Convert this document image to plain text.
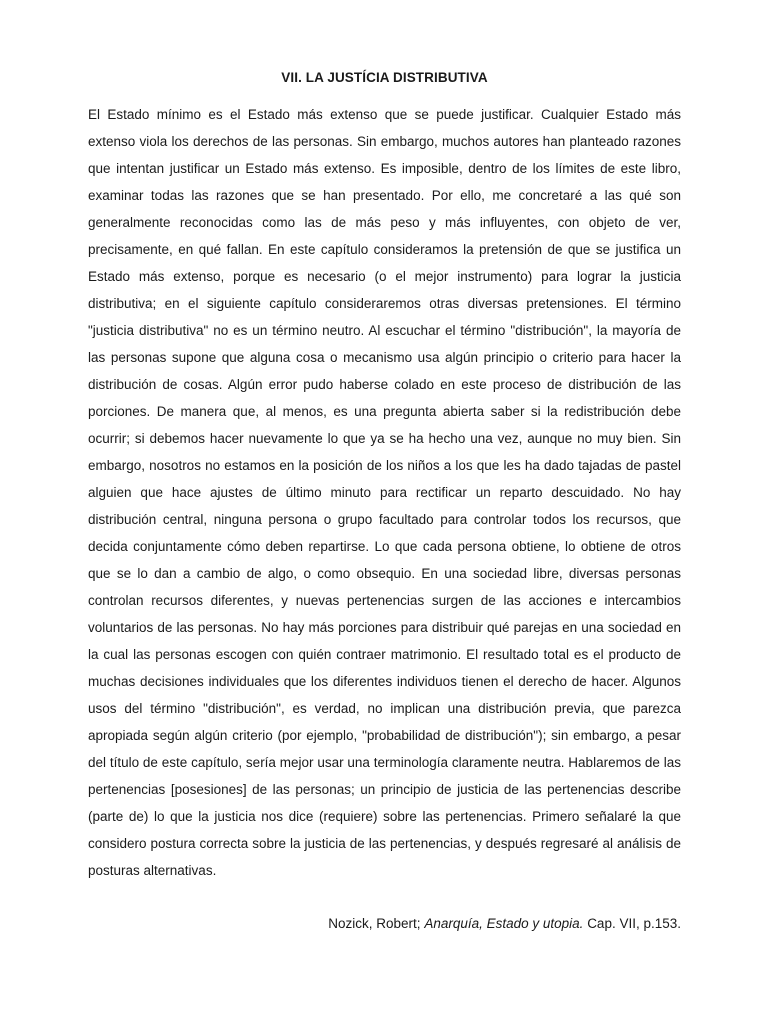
VII. LA JUSTÍCIA DISTRIBUTIVA

El Estado mínimo es el Estado más extenso que se puede justificar. Cualquier Estado más extenso viola los derechos de las personas. Sin embargo, muchos autores han planteado razones que intentan justificar un Estado más extenso. Es imposible, dentro de los límites de este libro, examinar todas las razones que se han presentado. Por ello, me concretaré a las qué son generalmente reconocidas como las de más peso y más influyentes, con objeto de ver, precisamente, en qué fallan. En este capítulo consideramos la pretensión de que se justifica un Estado más extenso, porque es necesario (o el mejor instrumento) para lograr la justicia distributiva; en el siguiente capítulo consideraremos otras diversas pretensiones. El término "justicia distributiva" no es un término neutro. Al escuchar el término "distribución", la mayoría de las personas supone que alguna cosa o mecanismo usa algún principio o criterio para hacer la distribución de cosas. Algún error pudo haberse colado en este proceso de distribución de las porciones. De manera que, al menos, es una pregunta abierta saber si la redistribución debe ocurrir; si debemos hacer nuevamente lo que ya se ha hecho una vez, aunque no muy bien. Sin embargo, nosotros no estamos en la posición de los niños a los que les ha dado tajadas de pastel alguien que hace ajustes de último minuto para rectificar un reparto descuidado. No hay distribución central, ninguna persona o grupo facultado para controlar todos los recursos, que decida conjuntamente cómo deben repartirse. Lo que cada persona obtiene, lo obtiene de otros que se lo dan a cambio de algo, o como obsequio. En una sociedad libre, diversas personas controlan recursos diferentes, y nuevas pertenencias surgen de las acciones e intercambios voluntarios de las personas. No hay más porciones para distribuir qué parejas en una sociedad en la cual las personas escogen con quién contraer matrimonio. El resultado total es el producto de muchas decisiones individuales que los diferentes individuos tienen el derecho de hacer. Algunos usos del término "distribución", es verdad, no implican una distribución previa, que parezca apropiada según algún criterio (por ejemplo, "probabilidad de distribución"); sin embargo, a pesar del título de este capítulo, sería mejor usar una terminología claramente neutra. Hablaremos de las pertenencias [posesiones] de las personas; un principio de justicia de las pertenencias describe (parte de) lo que la justicia nos dice (requiere) sobre las pertenencias. Primero señalaré la que considero postura correcta sobre la justicia de las pertenencias, y después regresaré al análisis de posturas alternativas.

Nozick, Robert; Anarquía, Estado y utopia. Cap. VII, p.153.
